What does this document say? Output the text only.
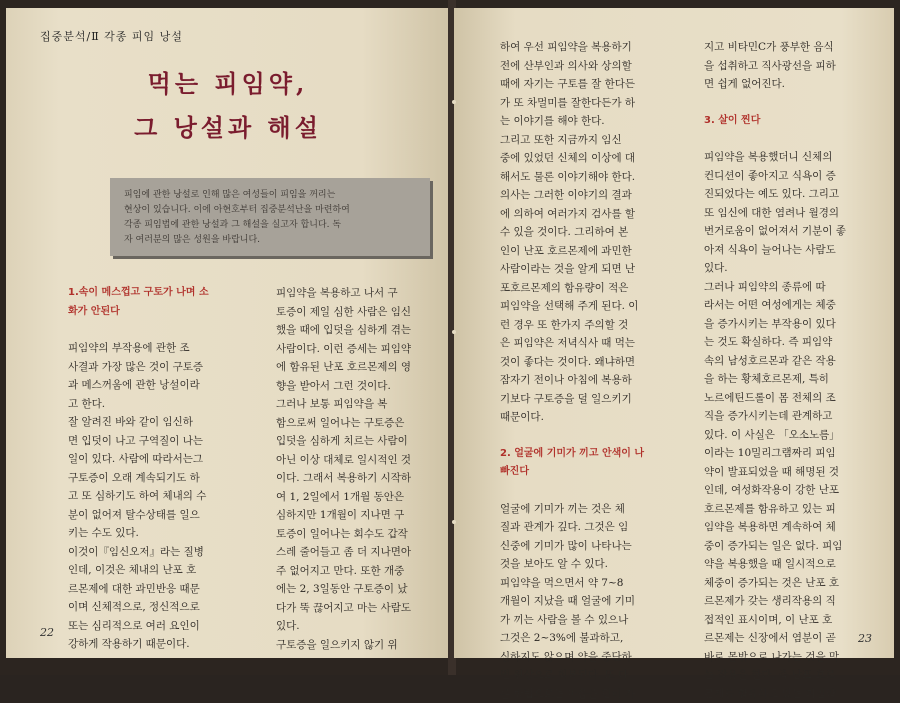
집중분석/Ⅱ 각종 피임 낭설
먹는 피임약,
그 낭설과 해설
피임에 관한 낭설로 인해 많은 여성들이 피임을 꺼리는
현상이 있습니다. 이에 아현호부터 집중분석난을 마련하여
각종 피임법에 관한 낭설과 그 해설을 실고자 합니다. 독
자 여러분의 많은 성원을 바랍니다.

1.속이 메스껍고 구토가 나며 소

화가 안된다

피임약의 부작용에 관한 조

사결과 가장 많은 것이 구토증

과 메스꺼움에 관한 낭설이라

고 한다.

잘 알려진 바와 같이 임신하

면 입덧이 나고 구역질이 나는

일이 있다. 사람에 따라서는그

구토증이 오래 계속되기도 하

고 또 심하기도 하여 체내의 수

분이 없어져 탈수상태를 일으

키는 수도 있다.

이것이『임신오저』라는 질병

인데, 이것은 체내의 난포 호

르몬제에 대한 과민반응 때문

이며 신체적으로, 정신적으로

또는 심리적으로 여러 요인이

강하게 작용하기 때문이다.

피임약을 복용하고 나서 구

토증이 제일 심한 사람은 임신

했을 때에 입덧을 심하게 겪는

사람이다. 이런 증세는 피임약

에 함유된 난포 호르몬제의 영

향을 받아서 그런 것이다.

그러나 보통 피임약을 복

함으로써 일어나는 구토증은

입덧을 심하게 치르는 사람이

아닌 이상 대체로 일시적인 것

이다. 그래서 복용하기 시작하

여 1, 2일에서 1개월 동안은

심하지만 1개월이 지나면 구

토증이 일어나는 회수도 갑작

스레 줄어들고 좀 더 지나면아

주 없어지고 만다. 또한 개중

에는 2, 3일동안 구토증이 났

다가 뚝 끊어지고 마는 사람도

있다.

구토증을 일으키지 않기 위

22

하여 우선 피임약을 복용하기

전에 산부인과 의사와 상의할

때에 자기는 구토를 잘 한다든

가 또 차멀미를 잘한다든가 하

는 이야기를 해야 한다.

그리고 또한 지금까지 임신

중에 있었던 신체의 이상에 대

해서도 물론 이야기해야 한다.

의사는 그러한 이야기의 결과

에 의하여 여러가지 검사를 할

수 있을 것이다. 그리하여 본

인이 난포 호르몬제에 과민한

사람이라는 것을 알게 되면 난

포호르몬제의 함유량이 적은

피임약을 선택해 주게 된다. 이

런 경우 또 한가지 주의할 것

은 피임약은 저녁식사 때 먹는

것이 좋다는 것이다. 왜냐하면

잠자기 전이나 아침에 복용하

기보다 구토증을 덜 일으키기

때문이다.

2. 얼굴에 기미가 끼고 안색이 나

빠진다

얼굴에 기미가 끼는 것은 체

질과 관계가 깊다. 그것은 임

신중에 기미가 많이 나타나는

것을 보아도 알 수 있다.

피임약을 먹으면서 약 7~8

개월이 지났을 때 얼굴에 기미

가 끼는 사람을 볼 수 있으나

그것은 2~3%에 불과하고,

심하지도 않으며 약을 중단하

면 원상으로 회복된다. 또 다

른 방법으로는 마음을 편히 가

지고 비타민C가 풍부한 음식

을 섭취하고 직사광선을 피하

면 쉽게 없어진다.

3. 살이 찐다

피임약을 복용했더니 신체의

컨디션이 좋아지고 식욕이 증

진되었다는 예도 있다. 그리고

또 임신에 대한 염려나 월경의

번거로움이 없어져서 기분이 좋

아져 식욕이 늘어나는 사람도

있다.

그러나 피임약의 종류에 따

라서는 어떤 여성에게는 체중

을 증가시키는 부작용이 있다

는 것도 확실하다. 즉 피임약

속의 남성호르몬과 같은 작용

을 하는 황체호르몬제, 특히

노르에틴드롤이 몸 전체의 조

직을 증가시키는데 관계하고

있다. 이 사실은 「오소노름」

이라는 10밀리그램짜리 피임

약이 발표되었을 때 해명된 것

인데, 여성화작용이 강한 난포

호르몬제를 함유하고 있는 피

임약을 복용하면 계속하여 체

중이 증가되는 일은 없다. 피임

약을 복용했을 때 일시적으로

체중이 증가되는 것은 난포 호

르몬제가 갖는 생리작용의 직

접적인 표시이며, 이 난포 호

르몬제는 신장에서 염분이 곧

바로 몸밖으로 나가는 것을 막

는 작용을 한다. 즉 난포 호르

몬제를 함유하고 있는 피임약

23
